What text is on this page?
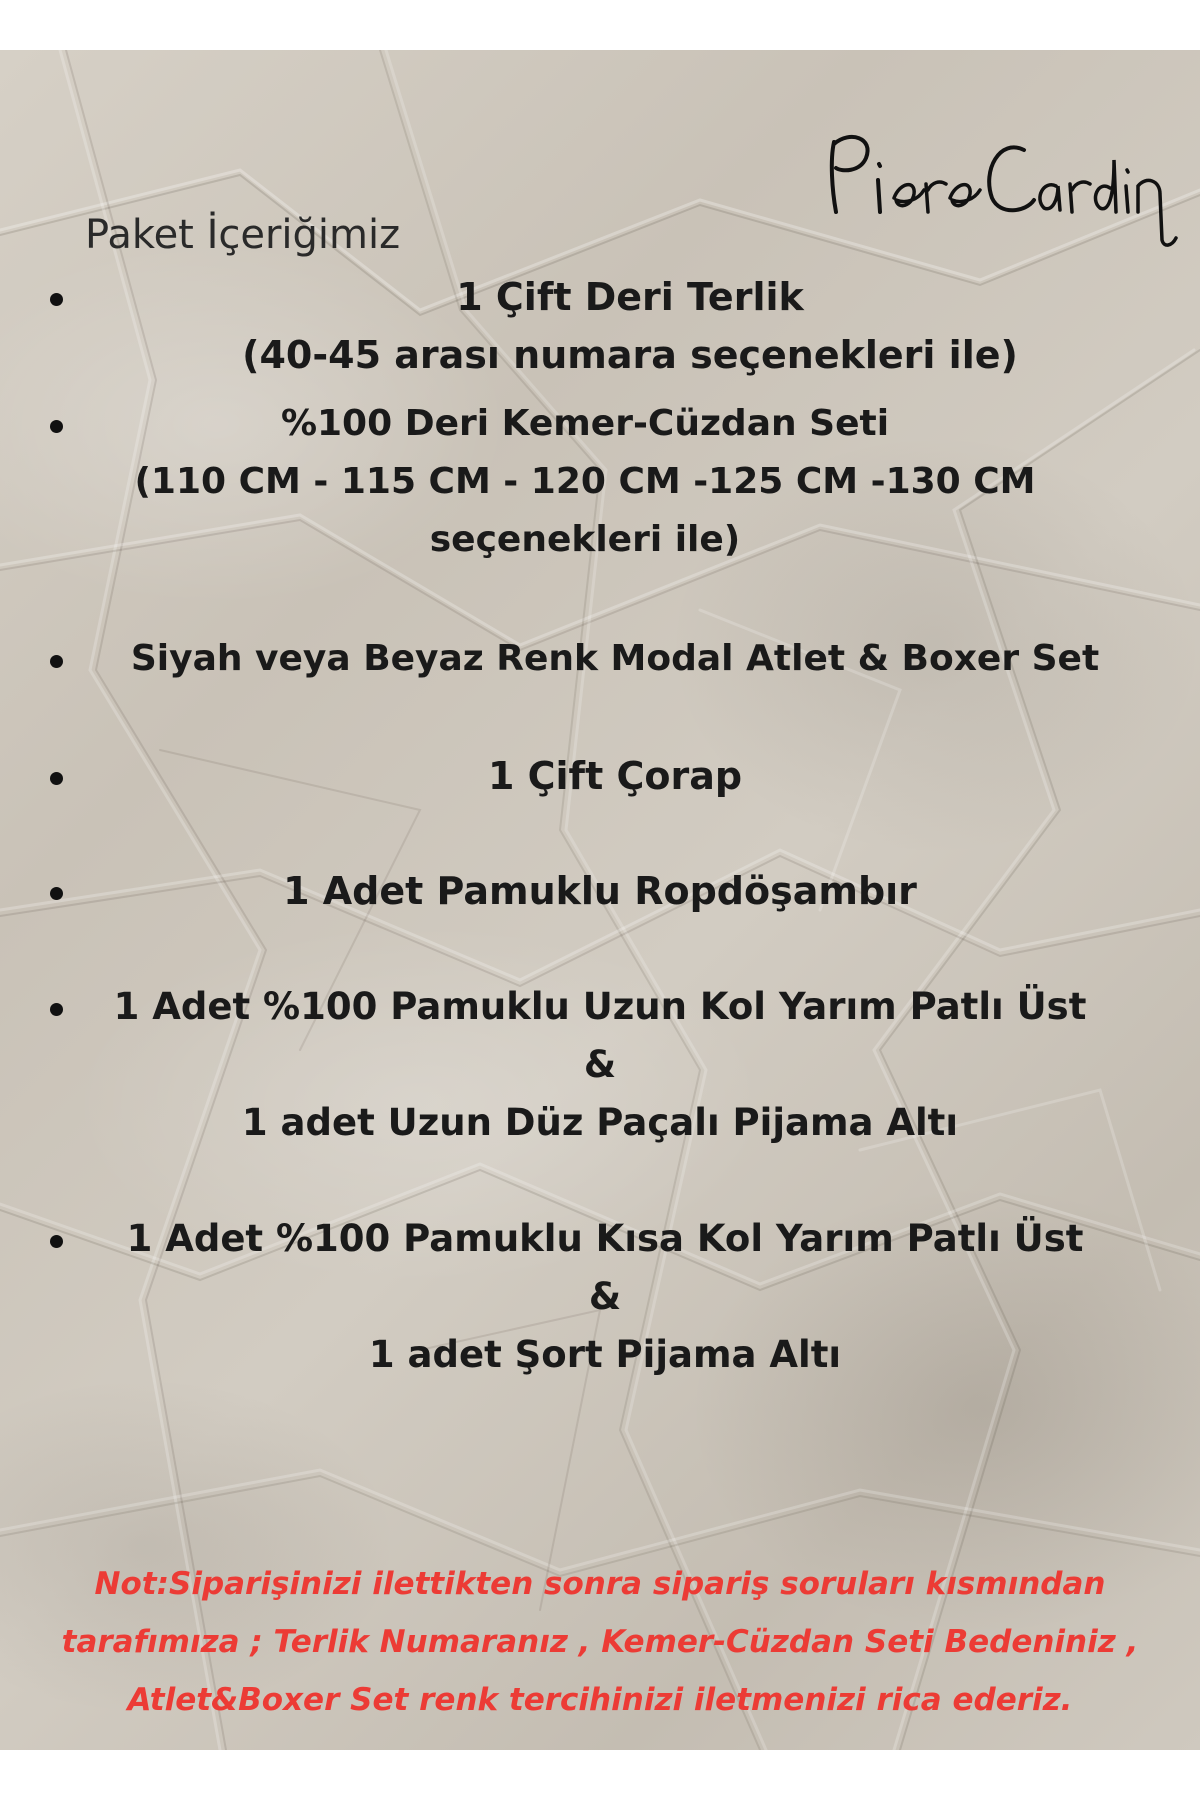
Paket İçeriğimiz
1 Çift Deri Terlik
(40-45 arası numara seçenekleri ile)
%100 Deri Kemer-Cüzdan Seti
(110 CM - 115 CM - 120 CM -125 CM -130 CM
seçenekleri ile)
Siyah veya Beyaz Renk Modal Atlet & Boxer Set
1 Çift Çorap
1 Adet Pamuklu Ropdöşambır
1 Adet %100 Pamuklu Uzun Kol Yarım Patlı Üst
&
1 adet Uzun Düz Paçalı Pijama Altı
1 Adet %100 Pamuklu Kısa Kol Yarım Patlı Üst
&
1 adet Şort Pijama Altı
Not:Siparişinizi ilettikten sonra sipariş soruları kısmından
tarafımıza ; Terlik Numaranız , Kemer-Cüzdan Seti Bedeniniz ,
Atlet&Boxer Set renk tercihinizi iletmenizi rica ederiz.
